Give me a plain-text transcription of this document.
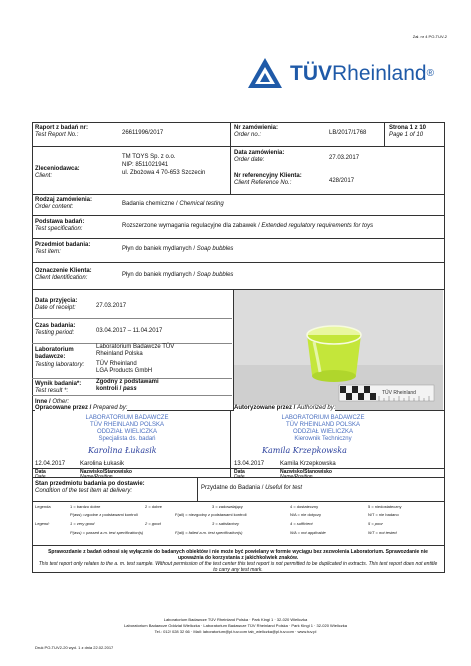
Zał. nr 4 PO-TUV-2
TÜVRheinland®
Raport z badań nr:
Test Report No.:	26611996/2017
Nr zamówienia:
Order no.:	LB/2017/1768
Strona 1 z 10
Page 1 of 10
Zleceniodawca:
Client:
TM TOYS Sp. z o.o.
NIP: 8511021941
ul. Zbożowa 4 70-653 Szczecin
Data zamówienia:
Order date:	27.03.2017
Nr referencyjny Klienta:
Client Reference No.:	428/2017
Rodzaj zamówienia:
Order content:	Badania chemiczne / Chemical testing
Podstawa badań:
Test specification:	Rozszerzone wymagania regulacyjne dla zabawek / Extended regulatory requirements for toys
Przedmiot badania:
Test item:	Płyn do baniek mydlanych / Soap bubbles
Oznaczenie Klienta:
Client Identification:	Płyn do baniek mydlanych / Soap bubbles
Data przyjęcia:
Date of receipt:	27.03.2017
Czas badania:
Testing period:	03.04.2017 – 11.04.2017
Laboratorium
badawcze:
Testing laboratory:
Laboratorium Badawcze TÜV
Rheinland Polska
TÜV Rheinland
LGA Products GmbH
Wynik badania*:
Test result *:
Zgodny z podstawami
kontroli / pass
Inne / Other:
TÜV Rheinland
Opracowane przez / Prepared by:
LABORATORIUM BADAWCZE
TÜV RHEINLAND POLSKA
ODDZIAŁ WIELICZKA
Specjalista ds. badań
Karolina Łukasik
12.04.2017 Karolina Łukasik
Autoryzowane przez / Authorized by:
LABORATORIUM BADAWCZE
TÜV RHEINLAND POLSKA
ODDZIAŁ WIELICZKA
Kierownik Techniczny
Kamila Krzepkowska
13.04.2017	Kamila Krzepkowska
Data
Date
Nazwisko/Stanowisko
Name/Position
Data
Date
Nazwisko/Stanowisko
Name/Position
Stan przedmiotu badania po dostawie:
Condition of the test item at delivery:	Przydatne do Badania / Useful for test
Legenda	1 = bardzo dobre	2 = dobre	3 = zadowalający	4 = dostateczny	5 = niedostateczny
P(ass) =zgodne z podstawami kontroli	F(ail) = niezgodny z podstawami kontroli	N/A = nie dotyczy	N/T = nie badano
Legend:	1 = very good	2 = good	3 = satisfactory	4 = sufficient	5 = poor
P(ass) = passed a.m. test specification(s)	F(ail) = failed a.m. test specification(s)	N/A = not applicable	N/T = not tested
Sprawozdanie z badań odnosi się wyłącznie do badanych obiektów i nie może być powielany w formie wyciągu bez zezwolenia Laboratorium. Sprawozdanie nie upoważnia do korzystania z jakichkolwiek znaków.
This test report only relates to the a. m. test sample. Without permission of the test center this test report is not permitted to be duplicated in extracts. This test report does not entitle to carry any test mark.
Laboratorium Badawcze TÜV Rheinland Polska · Park Kingi 1 · 32-020 Wieliczka
Laboratorium Badawcze Oddział Wieliczka · Laboratorium Badawcze TÜV Rheinland Polska · Park Kingi 1 · 32-020 Wieliczka
Tel.: 012/ 028 32 66 · Mail: laboratorium@pl.tuv.com tab_wieliczka@pl.tuv.com · www.tuv.pl
Druk PO-TUV2-20 wyd. 1 z dnia 22.02.2017
